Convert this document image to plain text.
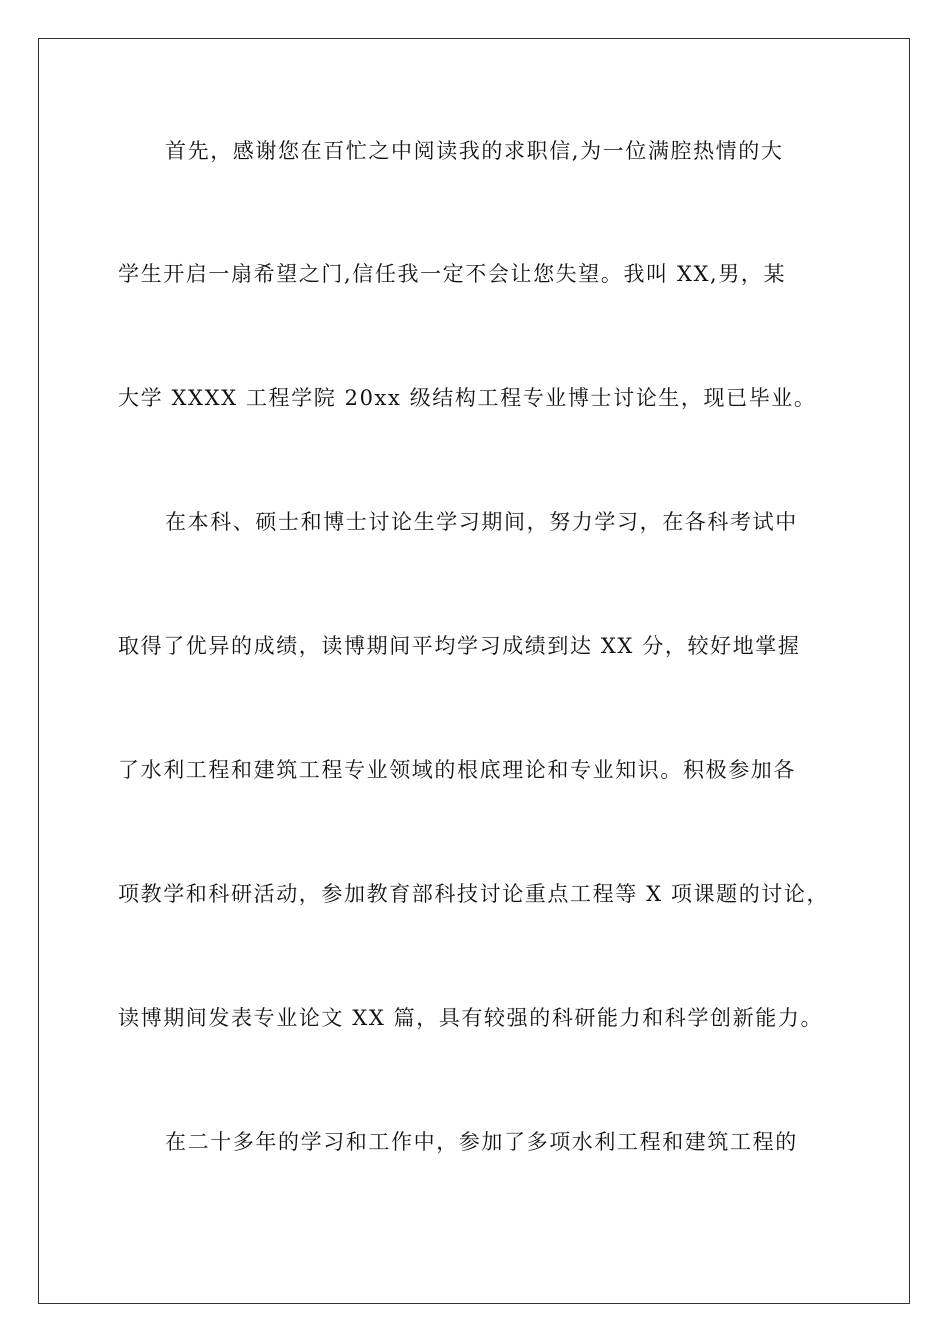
首先，感谢您在百忙之中阅读我的求职信,为一位满腔热情的大
学生开启一扇希望之门,信任我一定不会让您失望。我叫 XX,男，某
大学 XXXX 工程学院 20xx 级结构工程专业博士讨论生，现已毕业。
在本科、硕士和博士讨论生学习期间，努力学习，在各科考试中
取得了优异的成绩，读博期间平均学习成绩到达 XX 分，较好地掌握
了水利工程和建筑工程专业领域的根底理论和专业知识。积极参加各
项教学和科研活动，参加教育部科技讨论重点工程等 X 项课题的讨论，
读博期间发表专业论文 XX 篇，具有较强的科研能力和科学创新能力。
在二十多年的学习和工作中，参加了多项水利工程和建筑工程的
